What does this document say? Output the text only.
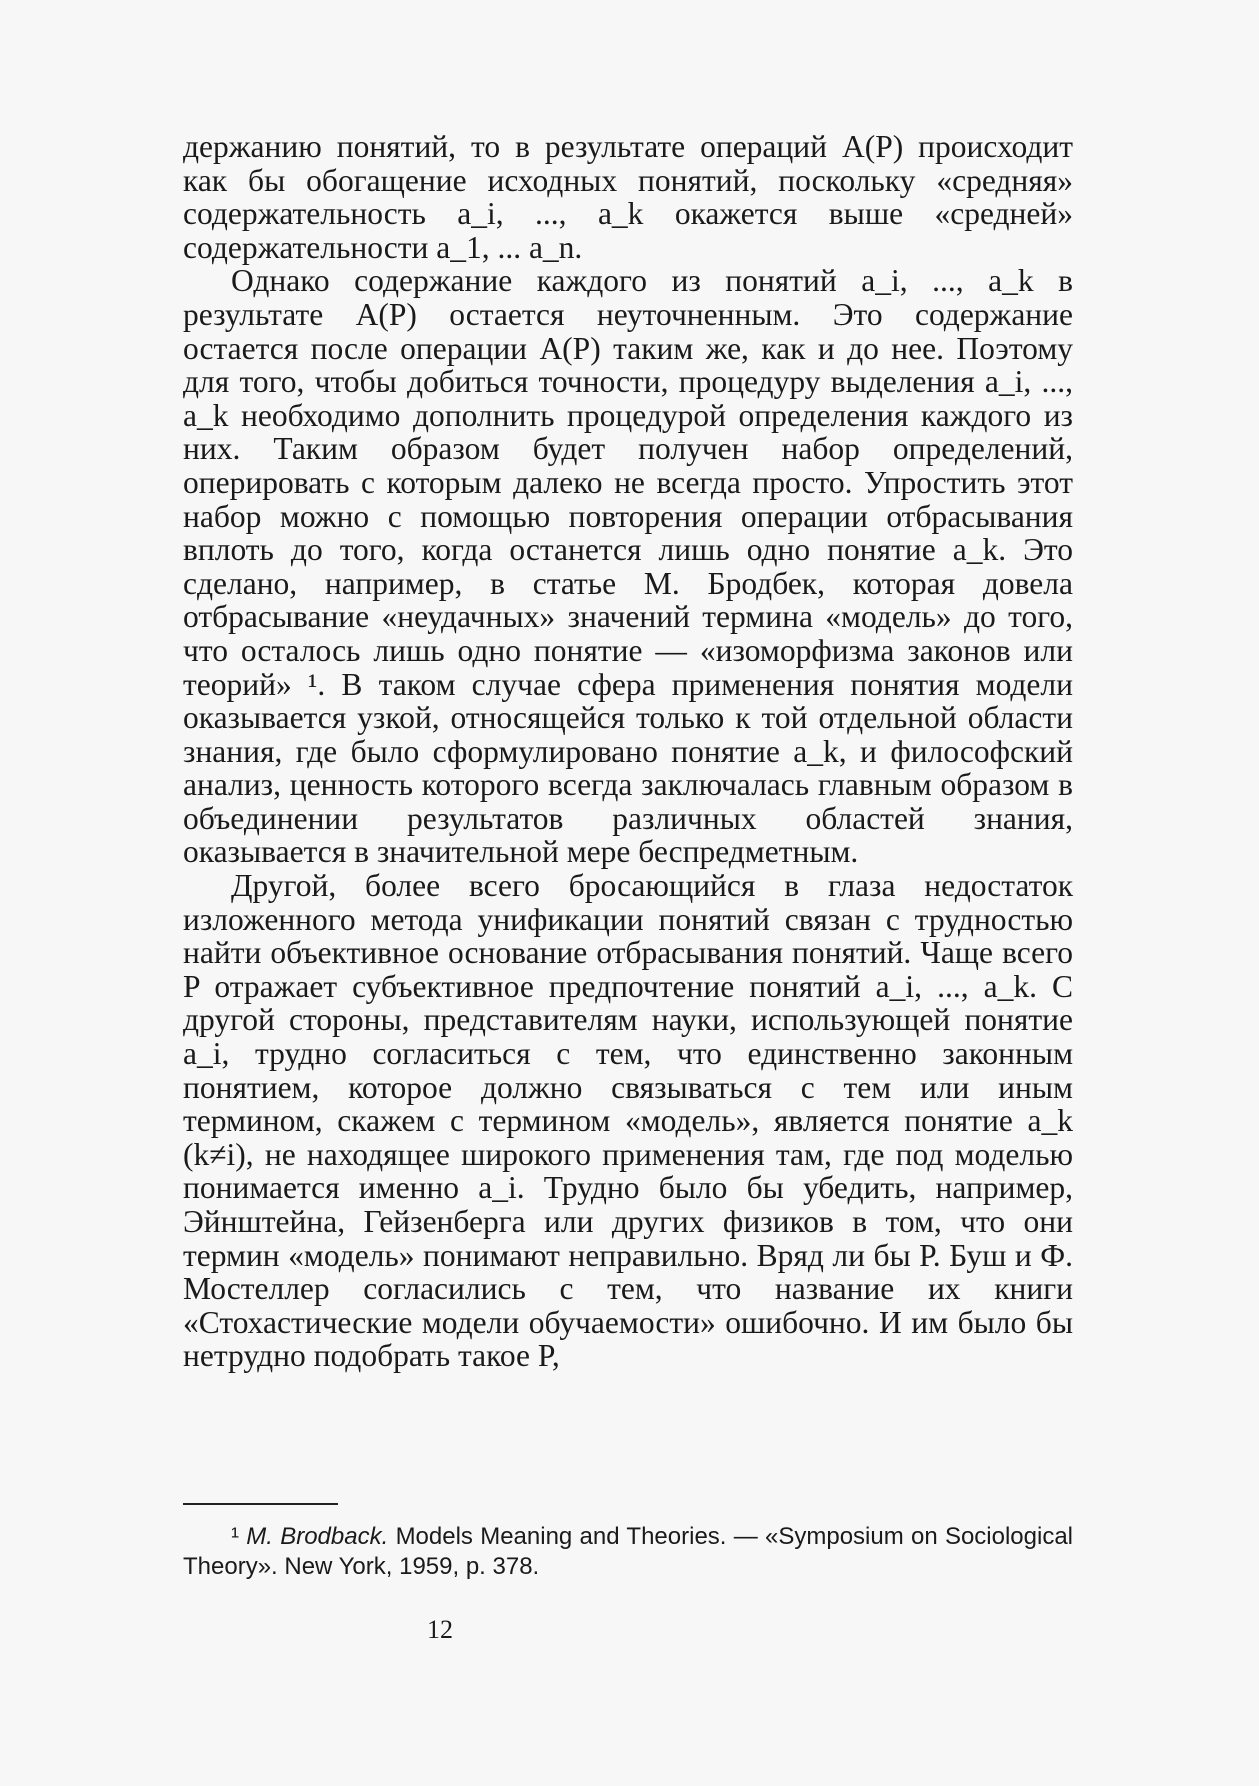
держанию понятий, то в результате операций A(P) происходит как бы обогащение исходных понятий, поскольку «средняя» содержательность a_i, ..., a_k окажется выше «средней» содержательности a_1, ... a_n.

Однако содержание каждого из понятий a_i, ..., a_k в результате A(P) остается неуточненным. Это содержание остается после операции A(P) таким же, как и до нее. Поэтому для того, чтобы добиться точности, процедуру выделения a_i, ..., a_k необходимо дополнить процедурой определения каждого из них. Таким образом будет получен набор определений, оперировать с которым далеко не всегда просто. Упростить этот набор можно с помощью повторения операции отбрасывания вплоть до того, когда останется лишь одно понятие a_k. Это сделано, например, в статье М. Бродбек, которая довела отбрасывание «неудачных» значений термина «модель» до того, что осталось лишь одно понятие — «изоморфизма законов или теорий» ¹. В таком случае сфера применения понятия модели оказывается узкой, относящейся только к той отдельной области знания, где было сформулировано понятие a_k, и философский анализ, ценность которого всегда заключалась главным образом в объединении результатов различных областей знания, оказывается в значительной мере беспредметным.

Другой, более всего бросающийся в глаза недостаток изложенного метода унификации понятий связан с трудностью найти объективное основание отбрасывания понятий. Чаще всего P отражает субъективное предпочтение понятий a_i, ..., a_k. С другой стороны, представителям науки, использующей понятие a_i, трудно согласиться с тем, что единственно законным понятием, которое должно связываться с тем или иным термином, скажем с термином «модель», является понятие a_k (k≠i), не находящее широкого применения там, где под моделью понимается именно a_i. Трудно было бы убедить, например, Эйнштейна, Гейзенберга или других физиков в том, что они термин «модель» понимают неправильно. Вряд ли бы Р. Буш и Ф. Мостеллер согласились с тем, что название их книги «Стохастические модели обучаемости» ошибочно. И им было бы нетрудно подобрать такое P,

¹ M. Brodback. Models Meaning and Theories. — «Symposium on Sociological Theory». New York, 1959, p. 378.
12
